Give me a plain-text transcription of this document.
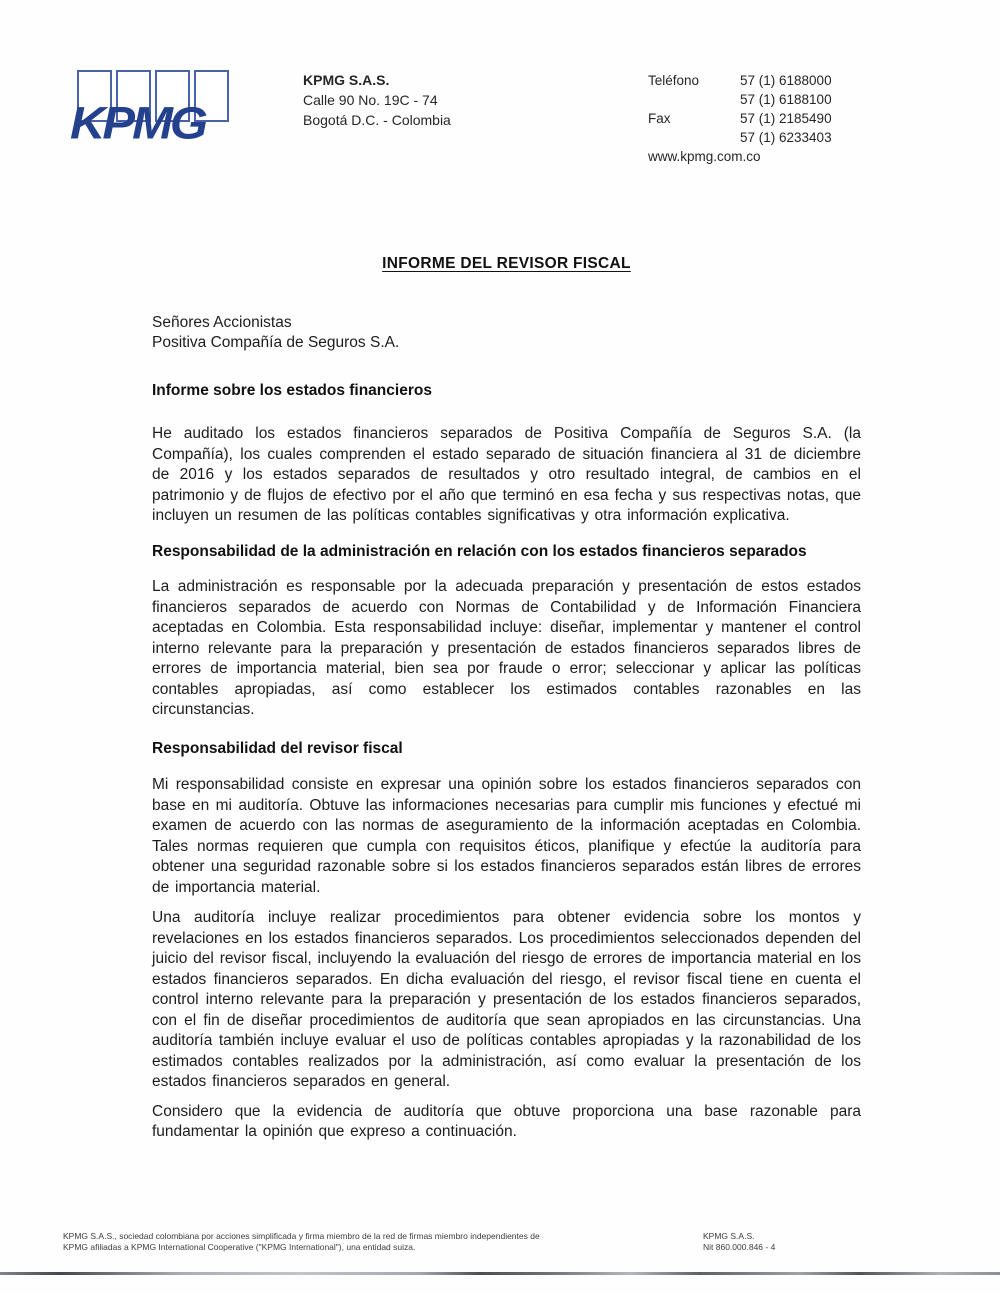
KPMG
KPMG S.A.S.
Calle 90 No. 19C - 74
Bogotá D.C. - Colombia
Teléfono	57 (1) 6188000
57 (1) 6188100
Fax	57 (1) 2185490
57 (1) 6233403
www.kpmg.com.co
INFORME DEL REVISOR FISCAL
Señores Accionistas
Positiva Compañía de Seguros S.A.
Informe sobre los estados financieros

He auditado los estados financieros separados de Positiva Compañía de Seguros S.A. (la Compañía), los cuales comprenden el estado separado de situación financiera al 31 de diciembre de 2016 y los estados separados de resultados y otro resultado integral, de cambios en el patrimonio y de flujos de efectivo por el año que terminó en esa fecha y sus respectivas notas, que incluyen un resumen de las políticas contables significativas y otra información explicativa.

Responsabilidad de la administración en relación con los estados financieros separados

La administración es responsable por la adecuada preparación y presentación de estos estados financieros separados de acuerdo con Normas de Contabilidad y de Información Financiera aceptadas en Colombia. Esta responsabilidad incluye: diseñar, implementar y mantener el control interno relevante para la preparación y presentación de estados financieros separados libres de errores de importancia material, bien sea por fraude o error; seleccionar y aplicar las políticas contables apropiadas, así como establecer los estimados contables razonables en las circunstancias.

Responsabilidad del revisor fiscal

Mi responsabilidad consiste en expresar una opinión sobre los estados financieros separados con base en mi auditoría. Obtuve las informaciones necesarias para cumplir mis funciones y efectué mi examen de acuerdo con las normas de aseguramiento de la información aceptadas en Colombia. Tales normas requieren que cumpla con requisitos éticos, planifique y efectúe la auditoría para obtener una seguridad razonable sobre si los estados financieros separados están libres de errores de importancia material.

Una auditoría incluye realizar procedimientos para obtener evidencia sobre los montos y revelaciones en los estados financieros separados. Los procedimientos seleccionados dependen del juicio del revisor fiscal, incluyendo la evaluación del riesgo de errores de importancia material en los estados financieros separados. En dicha evaluación del riesgo, el revisor fiscal tiene en cuenta el control interno relevante para la preparación y presentación de los estados financieros separados, con el fin de diseñar procedimientos de auditoría que sean apropiados en las circunstancias. Una auditoría también incluye evaluar el uso de políticas contables apropiadas y la razonabilidad de los estimados contables realizados por la administración, así como evaluar la presentación de los estados financieros separados en general.

Considero que la evidencia de auditoría que obtuve proporciona una base razonable para fundamentar la opinión que expreso a continuación.

KPMG S.A.S., sociedad colombiana por acciones simplificada y firma miembro de la red de firmas miembro independientes de
KPMG afiliadas a KPMG International Cooperative ("KPMG International"), una entidad suiza.
KPMG S.A.S.
Nit 860.000.846 - 4
